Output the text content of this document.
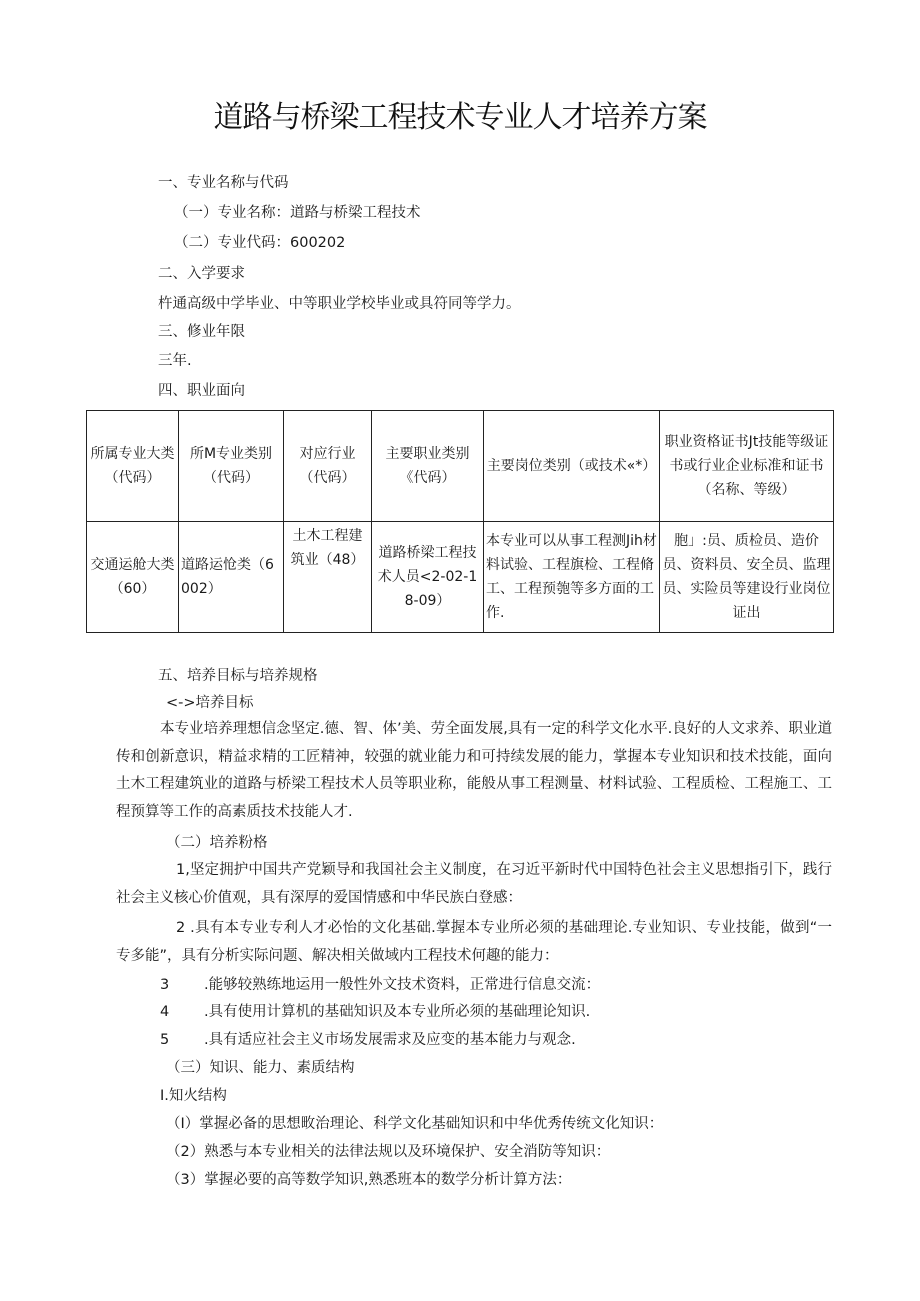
道路与桥梁工程技术专业人才培养方案
一、专业名称与代码
（一）专业名称：道路与桥梁工程技术
（二）专业代码：600202
二、入学要求
杵通高级中学毕业、中等职业学校毕业或具符同等学力。
三、修业年限
三年.
四、职业面向
所属专业大类（代码）	所M专业类别（代码）	对应行业（代码）	主要职业类别《代码）	主要岗位类别（或技术«*）	职业资格证书Jt技能等级证书或行业企业标准和证书（名称、等级）
交通运舱大类（60）	道路运怆类（6002）	土木工程建筑业（48）	道路桥梁工程技术人员<2-02-18-09）	本专业可以从事工程测Jih材料试验、工程旗检、工程脩工、工程预匏等多方面的工作.	胞」:员、质检员、造价员、资料员、安全员、监理员、实险员等建设行业岗位证出
五、培养目标与培养规格
<->培养目标
本专业培养理想信念坚定.德、智、体’美、劳全面发展,具有一定的科学文化水平.良好的人文求养、职业道传和创新意识，精益求精的工匠精神，较强的就业能力和可持续发展的能力，掌握本专业知识和技术技能，面向土木工程建筑业的道路与桥梁工程技术人员等职业称，能般从事工程测量、材料试验、工程质检、工程施工、工程预算等工作的高素质技术技能人才.
（二）培养粉格
1,坚定拥护中国共产党颖导和我国社会主义制度，在习近平新时代中国特色社会主义思想指引下，践行社会主义核心价值观，具有深厚的爱国情感和中华民族白登感：
2 .具有本专业专利人才必怡的文化基础.掌握本专业所必须的基础理论.专业知识、专业技能，做到“一专多能”，具有分析实际问题、解决相关做域内工程技术何趣的能力：
3 .能够较熟练地运用一般性外文技术资料，正常进行信息交流：
4 .具有使用计算机的基础知识及本专业所必须的基础理论知识.
5 .具有适应社会主义市场发展需求及应变的基本能力与观念.
（三）知识、能力、素质结构
I.知火结构
（I）掌握必备的思想畋治理论、科学文化基础知识和中华优秀传统文化知识：
（2）熟悉与本专业相关的法律法规以及环境保护、安全消防等知识：
（3）掌握必要的高等数学知识,熟悉班本的数学分析计算方法：
